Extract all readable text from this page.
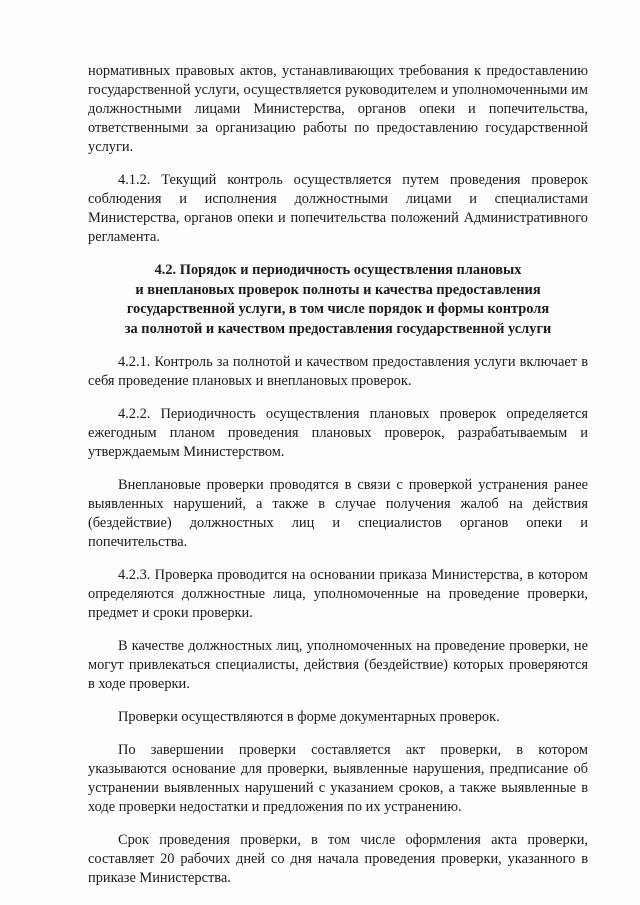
нормативных правовых актов, устанавливающих требования к предоставлению государственной услуги, осуществляется руководителем и уполномоченными им должностными лицами Министерства, органов опеки и попечительства, ответственными за организацию работы по предоставлению государственной услуги.

4.1.2. Текущий контроль осуществляется путем проведения проверок соблюдения и исполнения должностными лицами и специалистами Министерства, органов опеки и попечительства положений Административного регламента.

4.2. Порядок и периодичность осуществления плановых
и внеплановых проверок полноты и качества предоставления
государственной услуги, в том числе порядок и формы контроля
за полнотой и качеством предоставления государственной услуги

4.2.1. Контроль за полнотой и качеством предоставления услуги включает в себя проведение плановых и внеплановых проверок.

4.2.2. Периодичность осуществления плановых проверок определяется ежегодным планом проведения плановых проверок, разрабатываемым и утверждаемым Министерством.

Внеплановые проверки проводятся в связи с проверкой устранения ранее выявленных нарушений, а также в случае получения жалоб на действия (бездействие) должностных лиц и специалистов органов опеки и попечительства.

4.2.3. Проверка проводится на основании приказа Министерства, в котором определяются должностные лица, уполномоченные на проведение проверки, предмет и сроки проверки.

В качестве должностных лиц, уполномоченных на проведение проверки, не могут привлекаться специалисты, действия (бездействие) которых проверяются в ходе проверки.

Проверки осуществляются в форме документарных проверок.

По завершении проверки составляется акт проверки, в котором указываются основание для проверки, выявленные нарушения, предписание об устранении выявленных нарушений с указанием сроков, а также выявленные в ходе проверки недостатки и предложения по их устранению.

Срок проведения проверки, в том числе оформления акта проверки, составляет 20 рабочих дней со дня начала проведения проверки, указанного в приказе Министерства.
